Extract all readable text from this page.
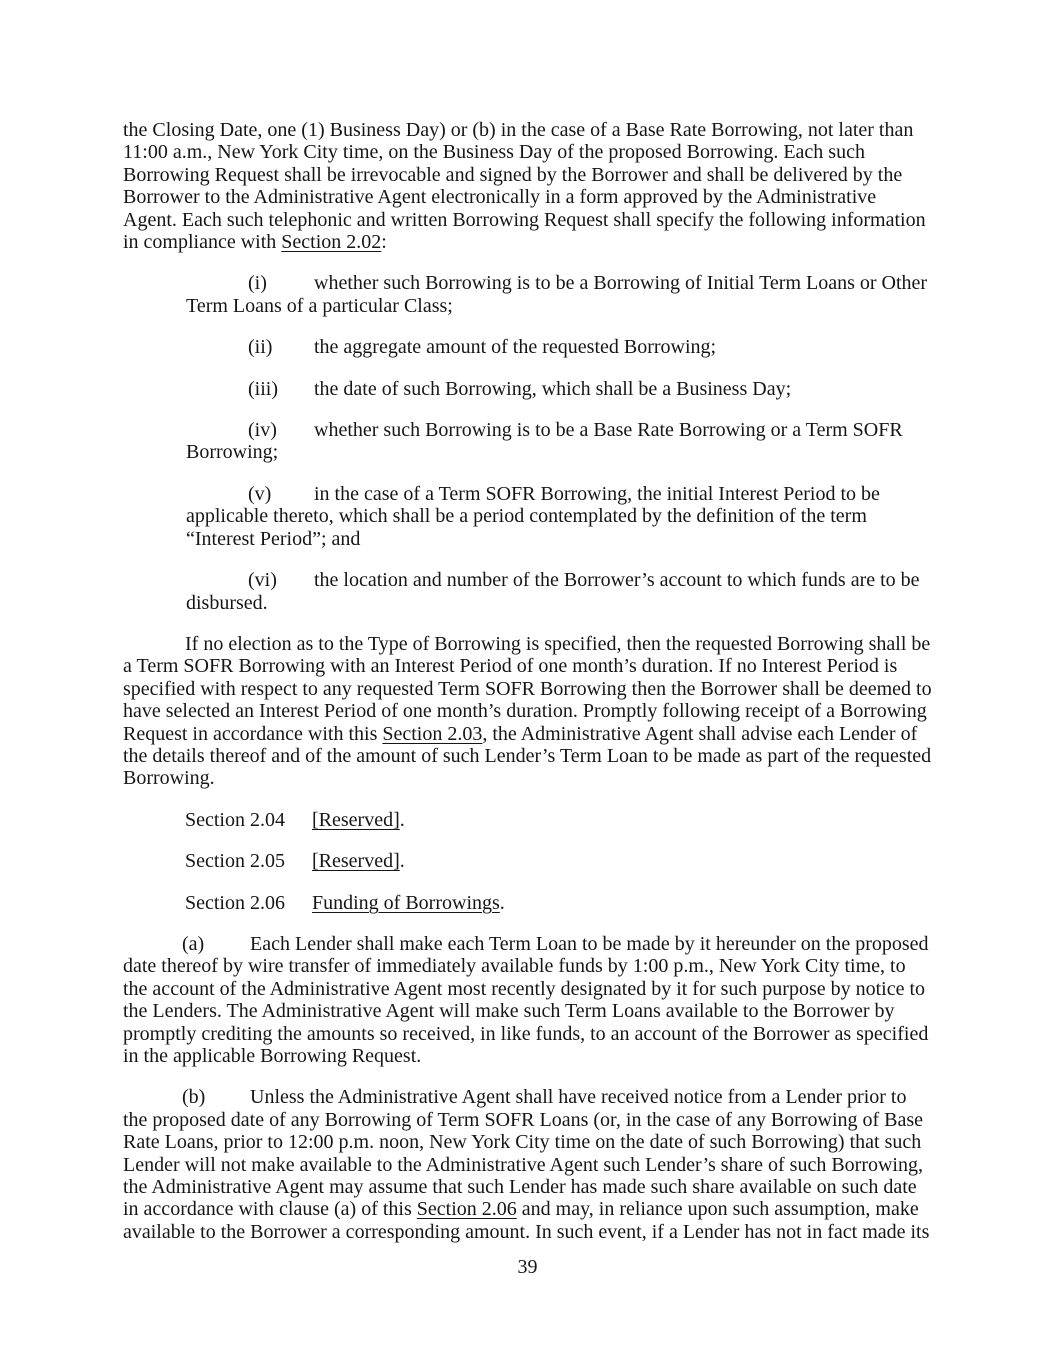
the Closing Date, one (1) Business Day) or (b) in the case of a Base Rate Borrowing, not later than 11:00 a.m., New York City time, on the Business Day of the proposed Borrowing. Each such Borrowing Request shall be irrevocable and signed by the Borrower and shall be delivered by the Borrower to the Administrative Agent electronically in a form approved by the Administrative Agent. Each such telephonic and written Borrowing Request shall specify the following information in compliance with Section 2.02:

(i) whether such Borrowing is to be a Borrowing of Initial Term Loans or Other Term Loans of a particular Class;

(ii) the aggregate amount of the requested Borrowing;

(iii) the date of such Borrowing, which shall be a Business Day;

(iv) whether such Borrowing is to be a Base Rate Borrowing or a Term SOFR Borrowing;

(v) in the case of a Term SOFR Borrowing, the initial Interest Period to be applicable thereto, which shall be a period contemplated by the definition of the term “Interest Period”; and

(vi) the location and number of the Borrower’s account to which funds are to be disbursed.

If no election as to the Type of Borrowing is specified, then the requested Borrowing shall be a Term SOFR Borrowing with an Interest Period of one month’s duration. If no Interest Period is specified with respect to any requested Term SOFR Borrowing then the Borrower shall be deemed to have selected an Interest Period of one month’s duration. Promptly following receipt of a Borrowing Request in accordance with this Section 2.03, the Administrative Agent shall advise each Lender of the details thereof and of the amount of such Lender’s Term Loan to be made as part of the requested Borrowing.

Section 2.04 [Reserved].

Section 2.05 [Reserved].

Section 2.06 Funding of Borrowings.

(a) Each Lender shall make each Term Loan to be made by it hereunder on the proposed date thereof by wire transfer of immediately available funds by 1:00 p.m., New York City time, to the account of the Administrative Agent most recently designated by it for such purpose by notice to the Lenders. The Administrative Agent will make such Term Loans available to the Borrower by promptly crediting the amounts so received, in like funds, to an account of the Borrower as specified in the applicable Borrowing Request.

(b) Unless the Administrative Agent shall have received notice from a Lender prior to the proposed date of any Borrowing of Term SOFR Loans (or, in the case of any Borrowing of Base Rate Loans, prior to 12:00 p.m. noon, New York City time on the date of such Borrowing) that such Lender will not make available to the Administrative Agent such Lender’s share of such Borrowing, the Administrative Agent may assume that such Lender has made such share available on such date in accordance with clause (a) of this Section 2.06 and may, in reliance upon such assumption, make available to the Borrower a corresponding amount. In such event, if a Lender has not in fact made its

39
